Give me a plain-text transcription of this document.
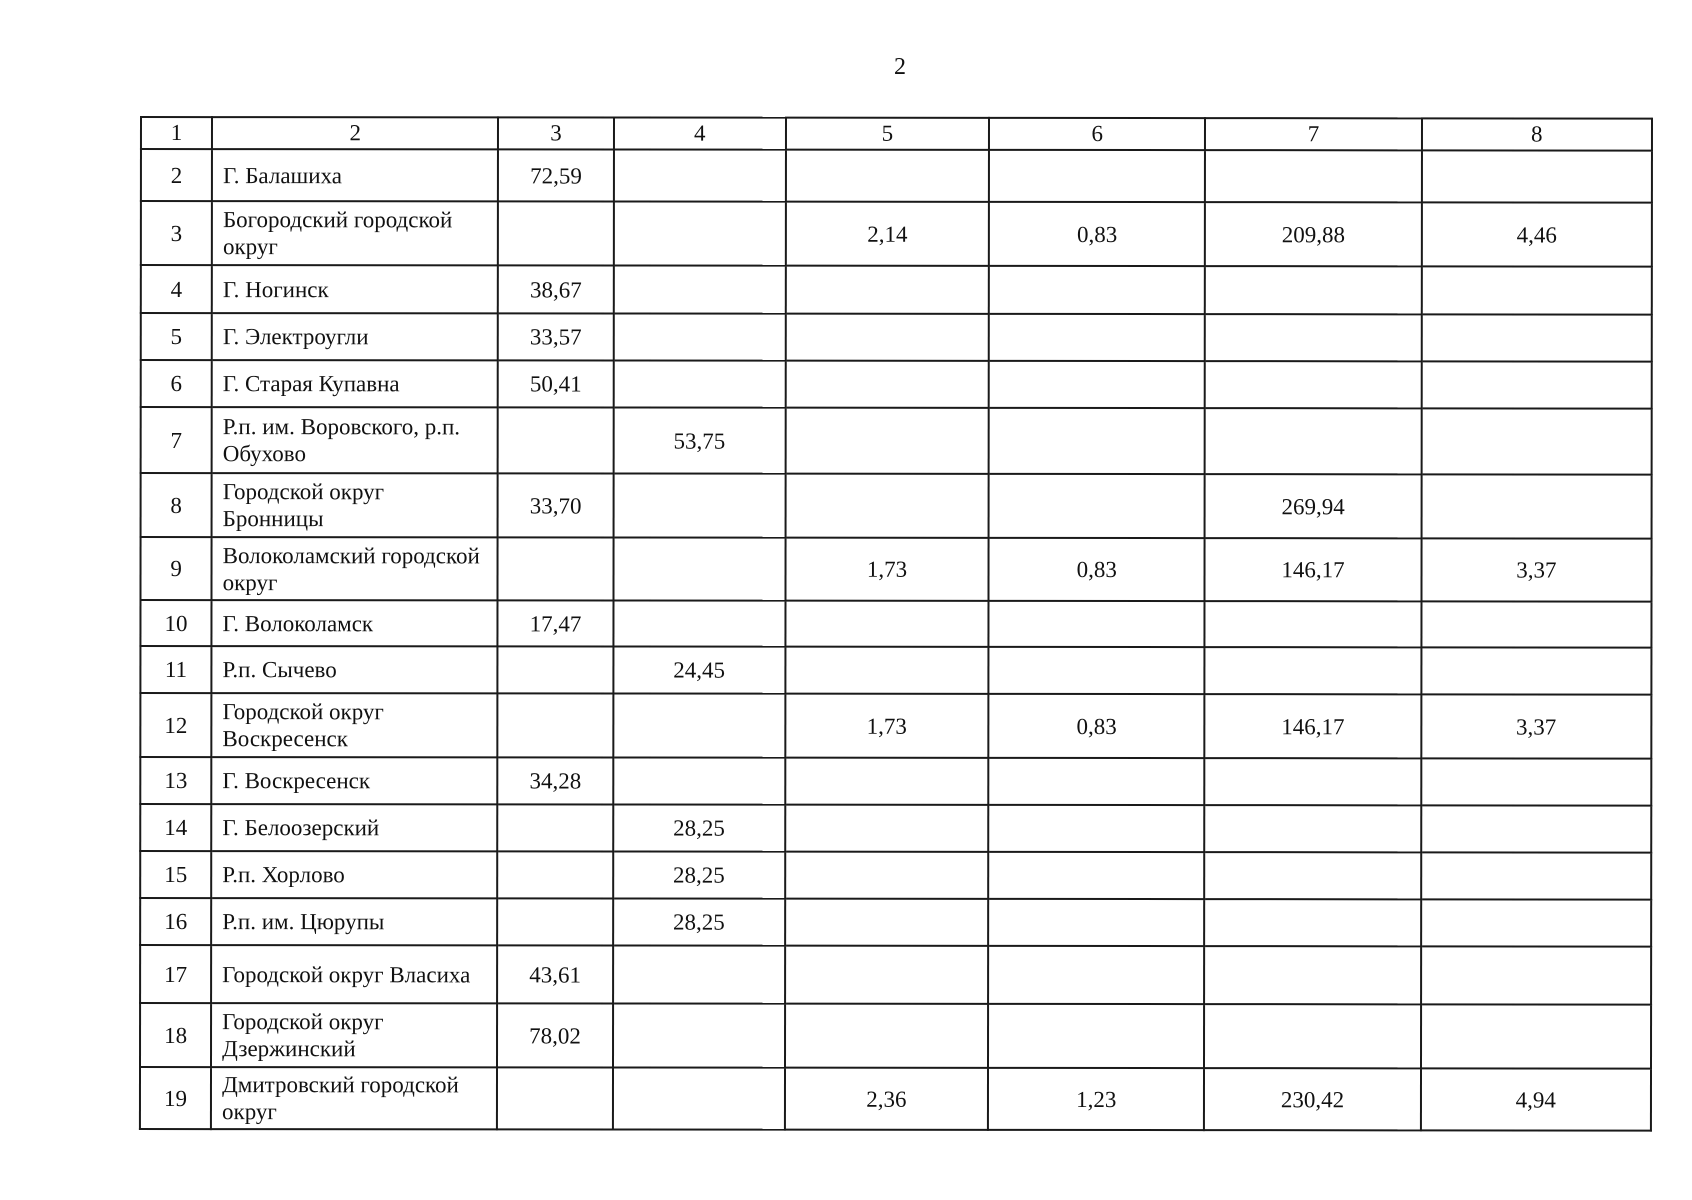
2
1	2	3	4	5	6	7	8
2	Г. Балашиха	72,59					
3	Богородский городской округ			2,14	0,83	209,88	4,46
4	Г. Ногинск	38,67					
5	Г. Электроугли	33,57					
6	Г. Старая Купавна	50,41					
7	Р.п. им. Воровского, р.п. Обухово		53,75				
8	Городской округ Бронницы	33,70				269,94	
9	Волоколамский городской округ			1,73	0,83	146,17	3,37
10	Г. Волоколамск	17,47					
11	Р.п. Сычево		24,45				
12	Городской округ Воскресенск			1,73	0,83	146,17	3,37
13	Г. Воскресенск	34,28					
14	Г. Белоозерский		28,25				
15	Р.п. Хорлово		28,25				
16	Р.п. им. Цюрупы		28,25				
17	Городской округ Власиха	43,61					
18	Городской округ Дзержинский	78,02					
19	Дмитровский городской округ			2,36	1,23	230,42	4,94
